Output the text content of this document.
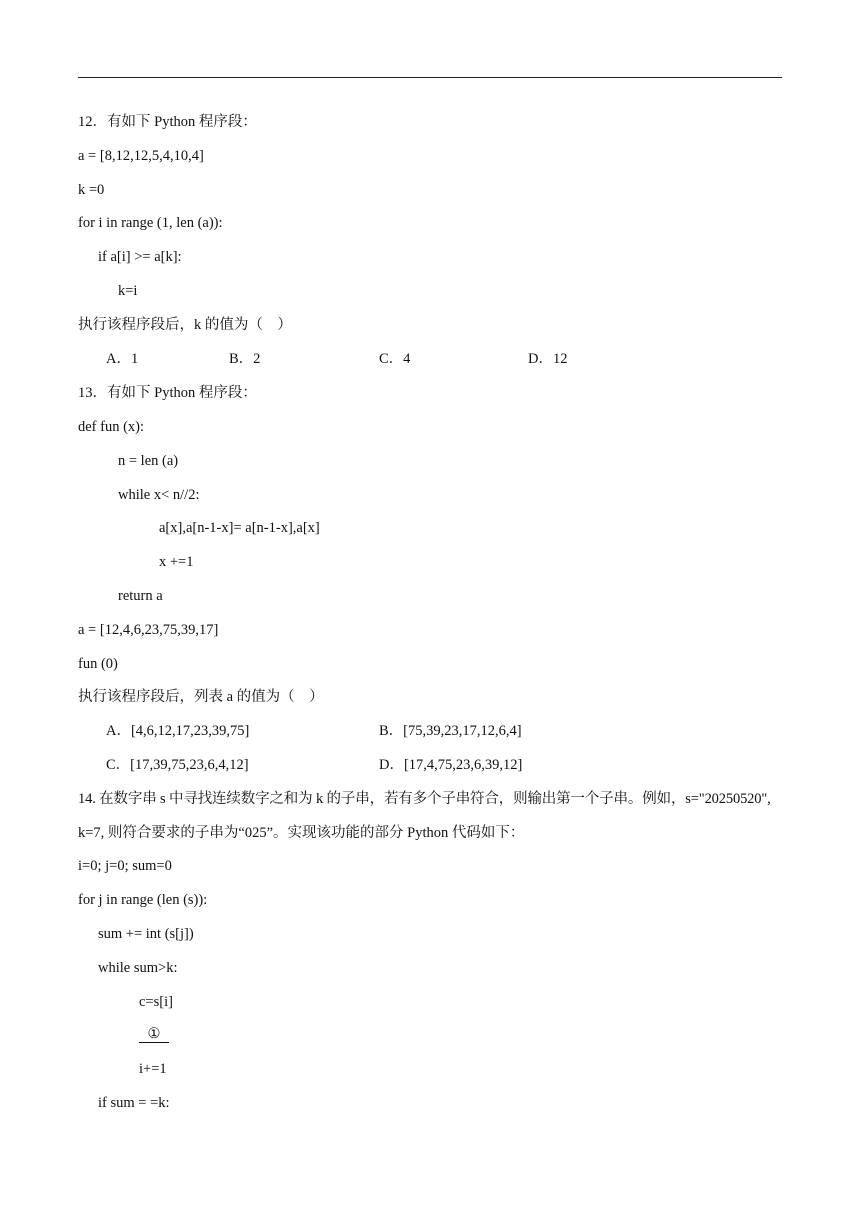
12．有如下 Python 程序段：
a = [8,12,12,5,4,10,4]
k =0
for i in range (1, len (a)):
if a[i] >= a[k]:
k=i
执行该程序段后，k 的值为（    ）
A．1	B．2	C．4	D．12
13．有如下 Python 程序段：
def fun (x):
n = len (a)
while x< n//2:
a[x],a[n-1-x]= a[n-1-x],a[x]
x +=1
return a
a = [12,4,6,23,75,39,17]
fun (0)
执行该程序段后，列表 a 的值为（    ）
A．[4,6,12,17,23,39,75]	B．[75,39,23,17,12,6,4]
C．[17,39,75,23,6,4,12]	D．[17,4,75,23,6,39,12]
14. 在数字串 s 中寻找连续数字之和为 k 的子串，若有多个子串符合，则输出第一个子串。例如，s="20250520",
k=7, 则符合要求的子串为“025”。实现该功能的部分 Python 代码如下：
i=0; j=0; sum=0
for j in range (len (s)):
sum += int (s[j])
while sum>k:
c=s[i]
①
i+=1
if sum = =k:
